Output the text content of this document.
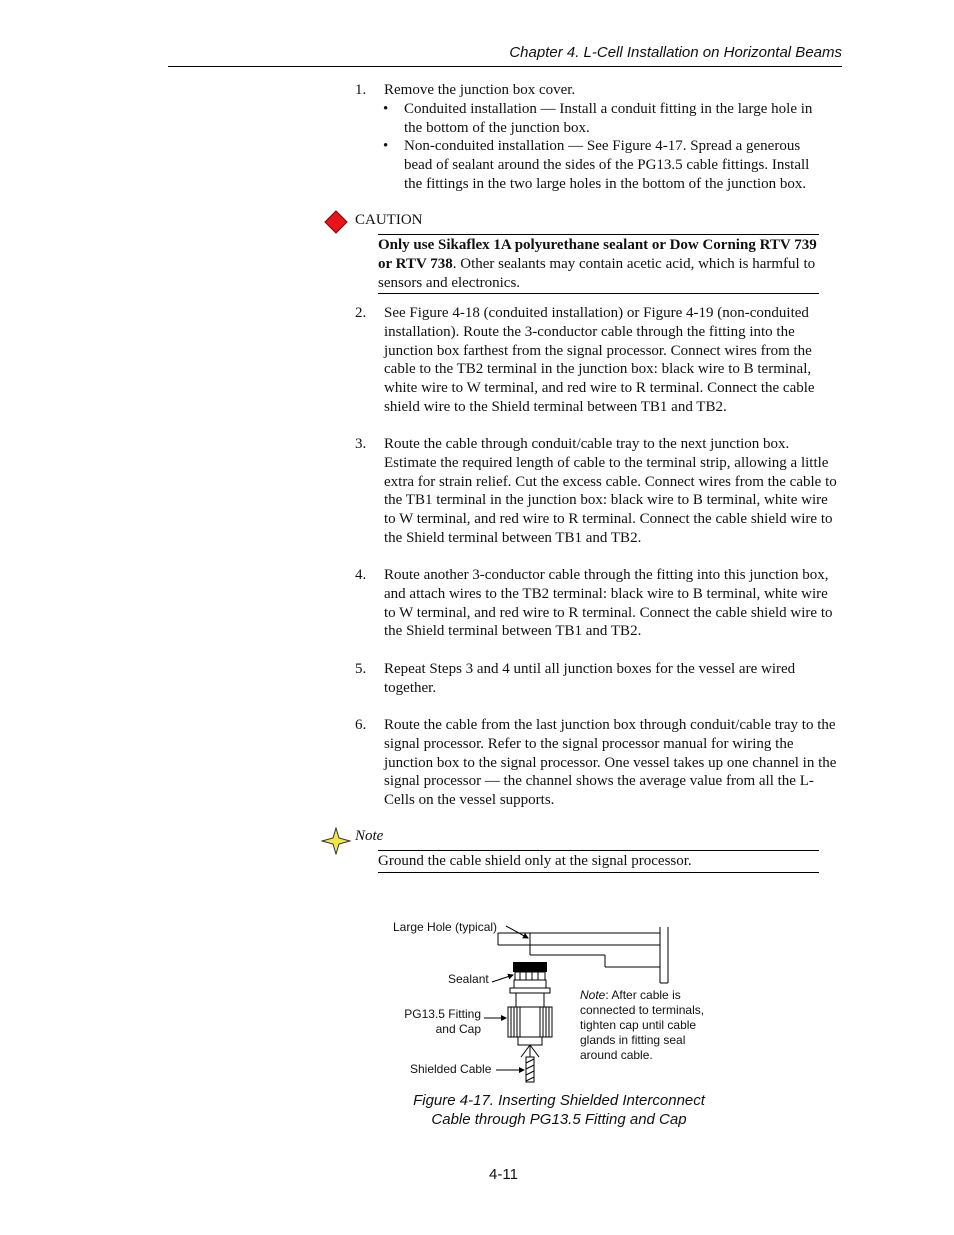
Chapter 4. L-Cell Installation on Horizontal Beams
1. Remove the junction box cover.
• Conduited installation — Install a conduit fitting in the large hole in the bottom of the junction box.
• Non-conduited installation — See Figure 4-17. Spread a generous bead of sealant around the sides of the PG13.5 cable fittings. Install the fittings in the two large holes in the bottom of the junction box.
CAUTION
Only use Sikaflex 1A polyurethane sealant or Dow Corning RTV 739 or RTV 738. Other sealants may contain acetic acid, which is harmful to sensors and electronics.
2. See Figure 4-18 (conduited installation) or Figure 4-19 (non-conduited installation). Route the 3-conductor cable through the fitting into the junction box farthest from the signal processor. Connect wires from the cable to the TB2 terminal in the junction box: black wire to B terminal, white wire to W terminal, and red wire to R terminal. Connect the cable shield wire to the Shield terminal between TB1 and TB2.
3. Route the cable through conduit/cable tray to the next junction box. Estimate the required length of cable to the terminal strip, allowing a little extra for strain relief. Cut the excess cable. Connect wires from the cable to the TB1 terminal in the junction box: black wire to B terminal, white wire to W terminal, and red wire to R terminal. Connect the cable shield wire to the Shield terminal between TB1 and TB2.
4. Route another 3-conductor cable through the fitting into this junction box, and attach wires to the TB2 terminal: black wire to B terminal, white wire to W terminal, and red wire to R terminal. Connect the cable shield wire to the Shield terminal between TB1 and TB2.
5. Repeat Steps 3 and 4 until all junction boxes for the vessel are wired together.
6. Route the cable from the last junction box through conduit/cable tray to the signal processor. Refer to the signal processor manual for wiring the junction box to the signal processor. One vessel takes up one channel in the signal processor — the channel shows the average value from all the L-Cells on the vessel supports.
Note
Ground the cable shield only at the signal processor.
Large Hole (typical)
Sealant
PG13.5 Fitting
and Cap
Shielded Cable
Note: After cable is connected to terminals, tighten cap until cable glands in fitting seal around cable.
Figure 4-17. Inserting Shielded Interconnect
Cable through PG13.5 Fitting and Cap
4-11
